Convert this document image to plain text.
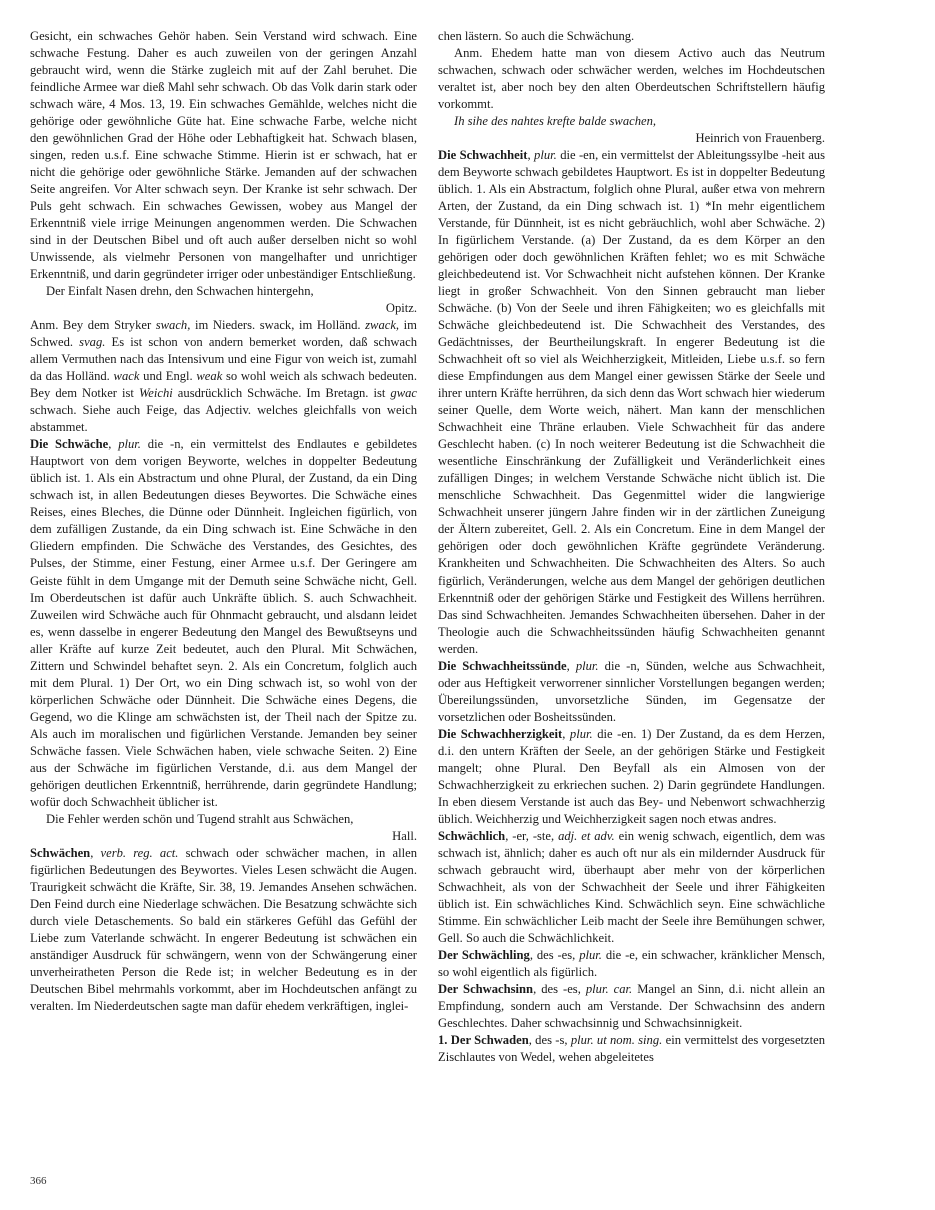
Gesicht, ein schwaches Gehör haben. Sein Verstand wird schwach. Eine schwache Festung. Daher es auch zuweilen von der geringen Anzahl gebraucht wird, wenn die Stärke zugleich mit auf der Zahl beruhet. Die feindliche Armee war dieß Mahl sehr schwach. Ob das Volk darin stark oder schwach wäre, 4 Mos. 13, 19. Ein schwaches Gemählde, welches nicht die gehörige oder gewöhnliche Güte hat. Eine schwache Farbe, welche nicht den gewöhnlichen Grad der Höhe oder Lebhaftigkeit hat. Schwach blasen, singen, reden u.s.f. Eine schwache Stimme. Hierin ist er schwach, hat er nicht die gehörige oder gewöhnliche Stärke. Jemanden auf der schwachen Seite angreifen. Vor Alter schwach seyn. Der Kranke ist sehr schwach. Der Puls geht schwach. Ein schwaches Gewissen, wobey aus Mangel der Erkenntniß viele irrige Meinungen angenommen werden. Die Schwachen sind in der Deutschen Bibel und oft auch außer derselben nicht so wohl Unwissende, als vielmehr Personen von mangelhafter und unrichtiger Erkenntniß, und darin gegründeter irriger oder unbeständiger Entschließung.

Der Einfalt Nasen drehn, den Schwachen hintergehn,

Opitz.

Anm. Bey dem Stryker swach, im Nieders. swack, im Holländ. zwack, im Schwed. svag. Es ist schon von andern bemerket worden, daß schwach allem Vermuthen nach das Intensivum und eine Figur von weich ist, zumahl da das Holländ. wack und Engl. weak so wohl weich als schwach bedeuten. Bey dem Notker ist Weichi ausdrücklich Schwäche. Im Bretagn. ist gwac schwach. Siehe auch Feige, das Adjectiv. welches gleichfalls von weich abstammet.

Die Schwäche, plur. die -n, ein vermittelst des Endlautes e gebildetes Hauptwort von dem vorigen Beyworte, welches in doppelter Bedeutung üblich ist. 1. Als ein Abstractum und ohne Plural, der Zustand, da ein Ding schwach ist, in allen Bedeutungen dieses Beywortes. Die Schwäche eines Reises, eines Bleches, die Dünne oder Dünnheit. Ingleichen figürlich, von dem zufälligen Zustande, da ein Ding schwach ist. Eine Schwäche in den Gliedern empfinden. Die Schwäche des Verstandes, des Gesichtes, des Pulses, der Stimme, einer Festung, einer Armee u.s.f. Der Geringere am Geiste fühlt in dem Umgange mit der Demuth seine Schwäche nicht, Gell. Im Oberdeutschen ist dafür auch Unkräfte üblich. S. auch Schwachheit. Zuweilen wird Schwäche auch für Ohnmacht gebraucht, und alsdann leidet es, wenn dasselbe in engerer Bedeutung den Mangel des Bewußtseyns und aller Kräfte auf kurze Zeit bedeutet, auch den Plural. Mit Schwächen, Zittern und Schwindel behaftet seyn. 2. Als ein Concretum, folglich auch mit dem Plural. 1) Der Ort, wo ein Ding schwach ist, so wohl von der körperlichen Schwäche oder Dünnheit. Die Schwäche eines Degens, die Gegend, wo die Klinge am schwächsten ist, der Theil nach der Spitze zu. Als auch im moralischen und figürlichen Verstande. Jemanden bey seiner Schwäche fassen. Viele Schwächen haben, viele schwache Seiten. 2) Eine aus der Schwäche im figürlichen Verstande, d.i. aus dem Mangel der gehörigen deutlichen Erkenntniß, herrührende, darin gegründete Handlung; wofür doch Schwachheit üblicher ist.

Die Fehler werden schön und Tugend strahlt aus Schwächen,

Hall.

Schwächen, verb. reg. act. schwach oder schwächer machen, in allen figürlichen Bedeutungen des Beywortes. Vieles Lesen schwächt die Augen. Traurigkeit schwächt die Kräfte, Sir. 38, 19. Jemandes Ansehen schwächen. Den Feind durch eine Niederlage schwächen. Die Besatzung schwächte sich durch viele Detaschements. So bald ein stärkeres Gefühl das Gefühl der Liebe zum Vaterlande schwächt. In engerer Bedeutung ist schwächen ein anständiger Ausdruck für schwängern, wenn von der Schwängerung einer unverheiratheten Person die Rede ist; in welcher Bedeutung es in der Deutschen Bibel mehrmahls vorkommt, aber im Hochdeutschen anfängt zu veralten. Im Niederdeutschen sagte man dafür ehedem verkräftigen, inglei-

chen lästern. So auch die Schwächung.

Anm. Ehedem hatte man von diesem Activo auch das Neutrum schwachen, schwach oder schwächer werden, welches im Hochdeutschen veraltet ist, aber noch bey den alten Oberdeutschen Schriftstellern häufig vorkommt.

Ih sihe des nahtes krefte balde swachen,

Heinrich von Frauenberg.

Die Schwachheit, plur. die -en, ein vermittelst der Ableitungssylbe -heit aus dem Beyworte schwach gebildetes Hauptwort. Es ist in doppelter Bedeutung üblich. 1. Als ein Abstractum, folglich ohne Plural, außer etwa von mehrern Arten, der Zustand, da ein Ding schwach ist. 1) *In mehr eigentlichem Verstande, für Dünnheit, ist es nicht gebräuchlich, wohl aber Schwäche. 2) In figürlichem Verstande. (a) Der Zustand, da es dem Körper an den gehörigen oder doch gewöhnlichen Kräften fehlet; wo es mit Schwäche gleichbedeutend ist. Vor Schwachheit nicht aufstehen können. Der Kranke liegt in großer Schwachheit. Von den Sinnen gebraucht man lieber Schwäche. (b) Von der Seele und ihren Fähigkeiten; wo es gleichfalls mit Schwäche gleichbedeutend ist. Die Schwachheit des Verstandes, des Gedächtnisses, der Beurtheilungskraft. In engerer Bedeutung ist die Schwachheit oft so viel als Weichherzigkeit, Mitleiden, Liebe u.s.f. so fern diese Empfindungen aus dem Mangel einer gewissen Stärke der Seele und ihrer untern Kräfte herrühren, da sich denn das Wort schwach hier wiederum seiner Quelle, dem Worte weich, nähert. Man kann der menschlichen Schwachheit eine Thräne erlauben. Viele Schwachheit für das andere Geschlecht haben. (c) In noch weiterer Bedeutung ist die Schwachheit die wesentliche Einschränkung der Zufälligkeit und Veränderlichkeit eines zufälligen Dinges; in welchem Verstande Schwäche nicht üblich ist. Die menschliche Schwachheit. Das Gegenmittel wider die langwierige Schwachheit unserer jüngern Jahre finden wir in der zärtlichen Zuneigung der Ältern zubereitet, Gell. 2. Als ein Concretum. Eine in dem Mangel der gehörigen oder doch gewöhnlichen Kräfte gegründete Veränderung. Krankheiten und Schwachheiten. Die Schwachheiten des Alters. So auch figürlich, Veränderungen, welche aus dem Mangel der gehörigen deutlichen Erkenntniß oder der gehörigen Stärke und Festigkeit des Willens herrühren. Das sind Schwachheiten. Jemandes Schwachheiten übersehen. Daher in der Theologie auch die Schwachheitssünden häufig Schwachheiten genannt werden.

Die Schwachheitssünde, plur. die -n, Sünden, welche aus Schwachheit, oder aus Heftigkeit verworrener sinnlicher Vorstellungen begangen werden; Übereilungssünden, unvorsetzliche Sünden, im Gegensatze der vorsetzlichen oder Bosheitssünden.

Die Schwachherzigkeit, plur. die -en. 1) Der Zustand, da es dem Herzen, d.i. den untern Kräften der Seele, an der gehörigen Stärke und Festigkeit mangelt; ohne Plural. Den Beyfall als ein Almosen von der Schwachherzigkeit zu erkriechen suchen. 2) Darin gegründete Handlungen. In eben diesem Verstande ist auch das Bey- und Nebenwort schwachherzig üblich. Weichherzig und Weichherzigkeit sagen noch etwas andres.

Schwächlich, -er, -ste, adj. et adv. ein wenig schwach, eigentlich, dem was schwach ist, ähnlich; daher es auch oft nur als ein mildernder Ausdruck für schwach gebraucht wird, überhaupt aber mehr von der körperlichen Schwachheit, als von der Schwachheit der Seele und ihrer Fähigkeiten üblich ist. Ein schwächliches Kind. Schwächlich seyn. Eine schwächliche Stimme. Ein schwächlicher Leib macht der Seele ihre Bemühungen schwer, Gell. So auch die Schwächlichkeit.

Der Schwächling, des -es, plur. die -e, ein schwacher, kränklicher Mensch, so wohl eigentlich als figürlich.

Der Schwachsinn, des -es, plur. car. Mangel an Sinn, d.i. nicht allein an Empfindung, sondern auch am Verstande. Der Schwachsinn des andern Geschlechtes. Daher schwachsinnig und Schwachsinnigkeit.

1. Der Schwaden, des -s, plur. ut nom. sing. ein vermittelst des vorgesetzten Zischlautes von Wedel, wehen abgeleitetes

366
